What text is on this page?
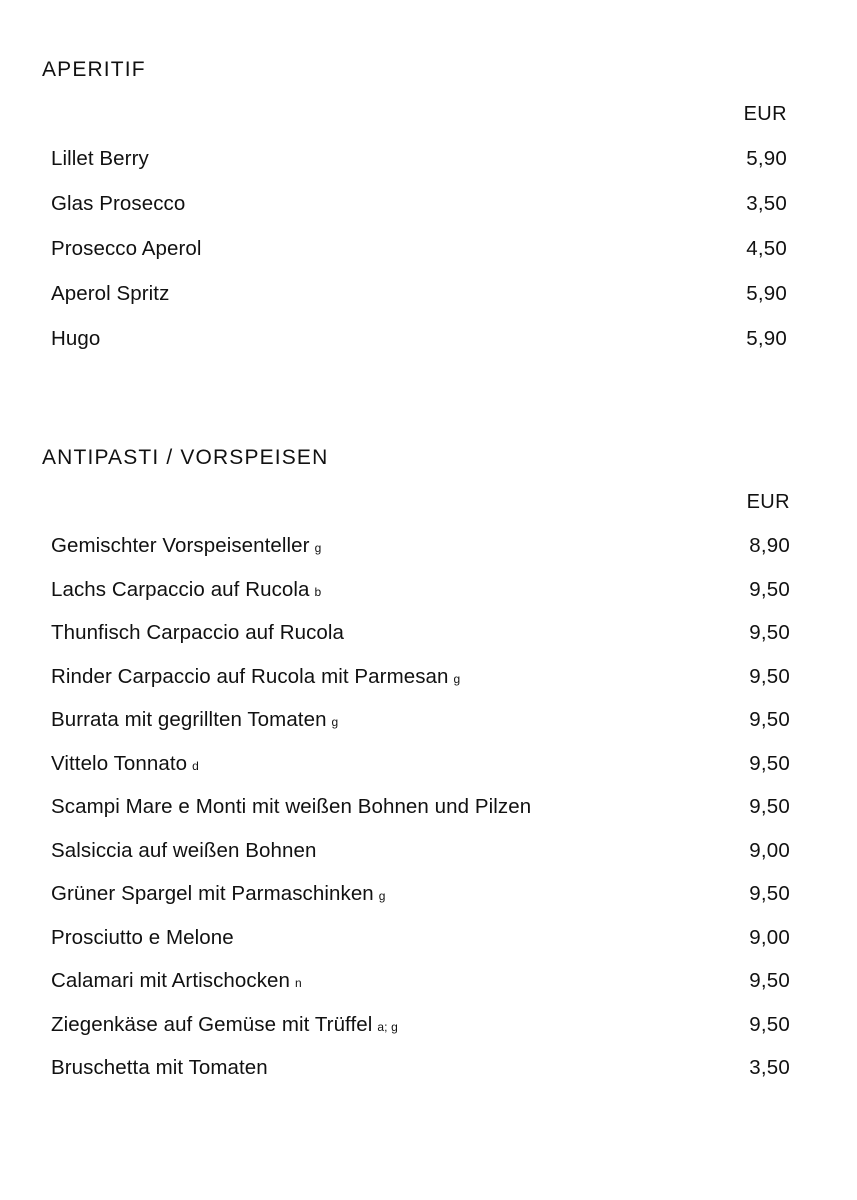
APERITIF
EUR
Lillet Berry	5,90
Glas Prosecco	3,50
Prosecco Aperol	4,50
Aperol Spritz	5,90
Hugo	5,90
ANTIPASTI / VORSPEISEN
EUR
Gemischter Vorspeisenteller g	8,90
Lachs Carpaccio auf Rucola b	9,50
Thunfisch Carpaccio auf Rucola	9,50
Rinder Carpaccio auf Rucola mit Parmesan g	9,50
Burrata mit gegrillten Tomaten g	9,50
Vittelo Tonnato d	9,50
Scampi Mare e Monti mit weißen Bohnen und Pilzen	9,50
Salsiccia auf weißen Bohnen	9,00
Grüner Spargel mit Parmaschinken g	9,50
Prosciutto e Melone	9,00
Calamari mit Artischocken n	9,50
Ziegenkäse auf Gemüse mit Trüffel a; g	9,50
Bruschetta mit Tomaten	3,50
